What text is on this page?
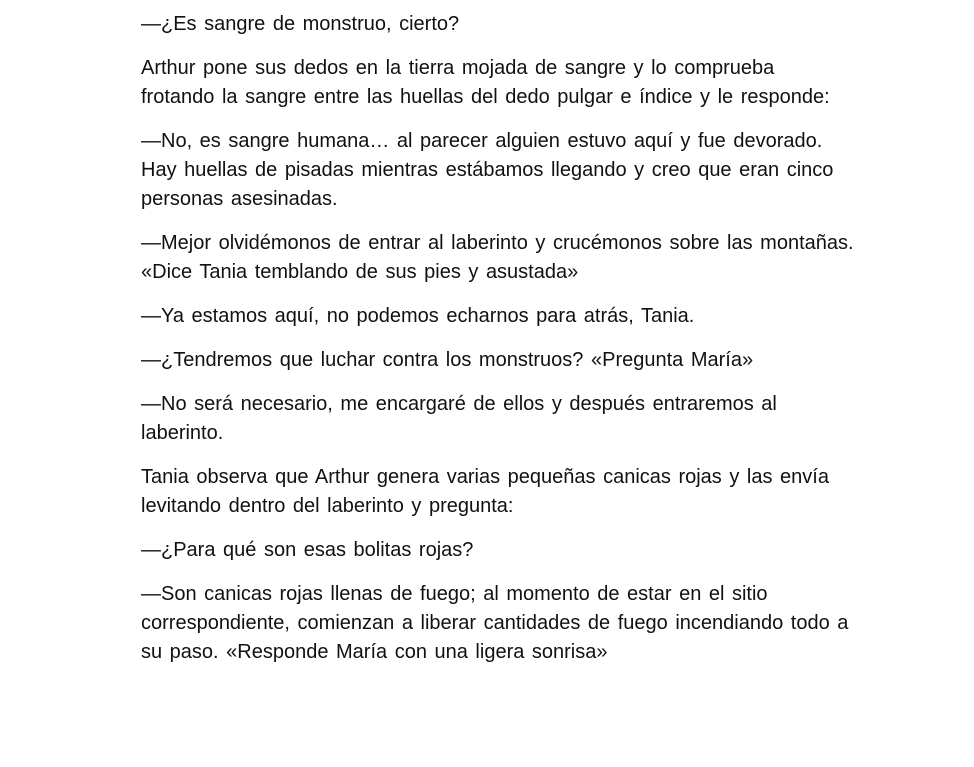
—¿Es sangre de monstruo, cierto?

Arthur pone sus dedos en la tierra mojada de sangre y lo comprueba frotando la sangre entre las huellas del dedo pulgar e índice y le responde:

—No, es sangre humana… al parecer alguien estuvo aquí y fue devorado. Hay huellas de pisadas mientras estábamos llegando y creo que eran cinco personas asesinadas.

—Mejor olvidémonos de entrar al laberinto y crucémonos sobre las montañas. «Dice Tania temblando de sus pies y asustada»

—Ya estamos aquí, no podemos echarnos para atrás, Tania.

—¿Tendremos que luchar contra los monstruos? «Pregunta María»

—No será necesario, me encargaré de ellos y después entraremos al laberinto.

Tania observa que Arthur genera varias pequeñas canicas rojas y las envía levitando dentro del laberinto y pregunta:

—¿Para qué son esas bolitas rojas?

—Son canicas rojas llenas de fuego; al momento de estar en el sitio correspondiente, comienzan a liberar cantidades de fuego incendiando todo a su paso. «Responde María con una ligera sonrisa»
